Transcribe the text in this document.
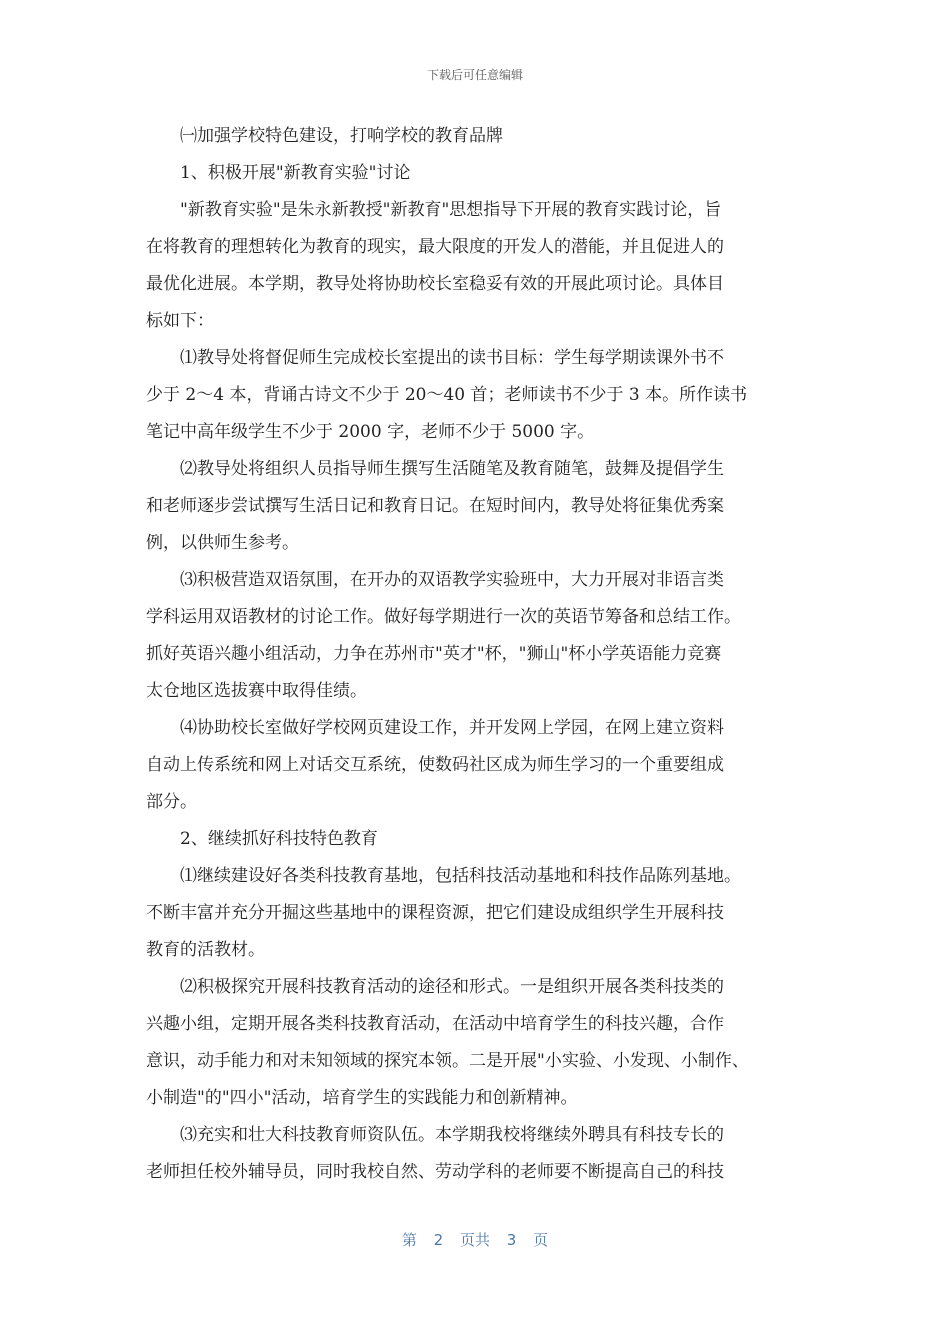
下载后可任意编辑

㈠加强学校特色建设，打响学校的教育品牌

1、积极开展"新教育实验"讨论

"新教育实验"是朱永新教授"新教育"思想指导下开展的教育实践讨论，旨
在将教育的理想转化为教育的现实，最大限度的开发人的潜能，并且促进人的
最优化进展。本学期，教导处将协助校长室稳妥有效的开展此项讨论。具体目
标如下：

⑴教导处将督促师生完成校长室提出的读书目标：学生每学期读课外书不
少于 2～4 本，背诵古诗文不少于 20～40 首；老师读书不少于 3 本。所作读书
笔记中高年级学生不少于 2000 字，老师不少于 5000 字。

⑵教导处将组织人员指导师生撰写生活随笔及教育随笔，鼓舞及提倡学生
和老师逐步尝试撰写生活日记和教育日记。在短时间内，教导处将征集优秀案
例，以供师生参考。

⑶积极营造双语氛围，在开办的双语教学实验班中，大力开展对非语言类
学科运用双语教材的讨论工作。做好每学期进行一次的英语节筹备和总结工作。
抓好英语兴趣小组活动，力争在苏州市"英才"杯，"狮山"杯小学英语能力竞赛
太仓地区选拔赛中取得佳绩。

⑷协助校长室做好学校网页建设工作，并开发网上学园，在网上建立资料
自动上传系统和网上对话交互系统，使数码社区成为师生学习的一个重要组成
部分。

2、继续抓好科技特色教育

⑴继续建设好各类科技教育基地，包括科技活动基地和科技作品陈列基地。
不断丰富并充分开掘这些基地中的课程资源，把它们建设成组织学生开展科技
教育的活教材。

⑵积极探究开展科技教育活动的途径和形式。一是组织开展各类科技类的
兴趣小组，定期开展各类科技教育活动，在活动中培育学生的科技兴趣，合作
意识，动手能力和对未知领域的探究本领。二是开展"小实验、小发现、小制作、
小制造"的"四小"活动，培育学生的实践能力和创新精神。

⑶充实和壮大科技教育师资队伍。本学期我校将继续外聘具有科技专长的
老师担任校外辅导员，同时我校自然、劳动学科的老师要不断提高自己的科技

第 2 页共 3 页
